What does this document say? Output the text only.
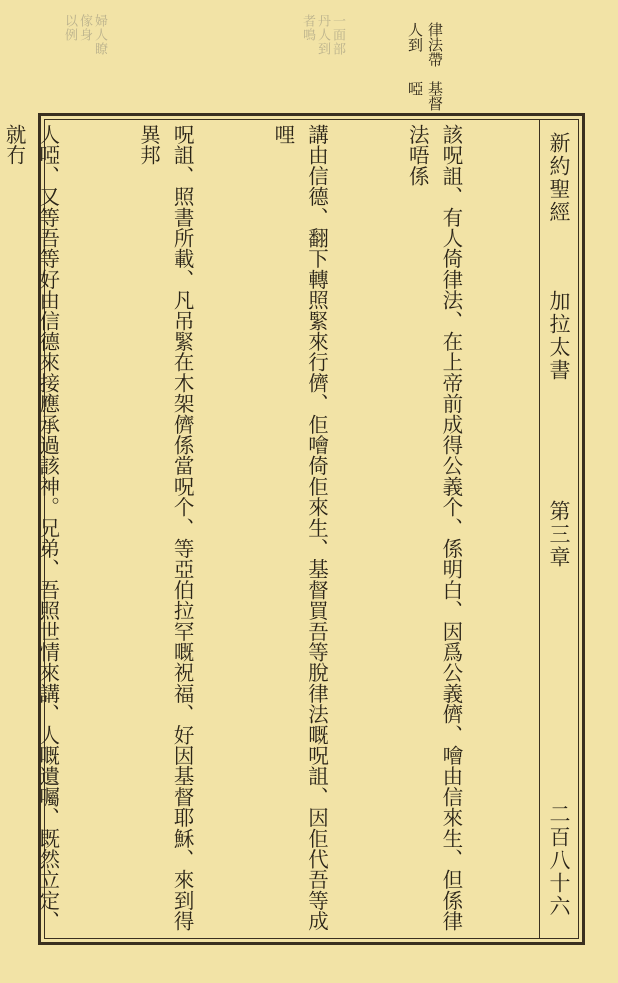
婦人瞭
傢身
以例	一面部
丹人到
者鳴	律法帶人到
基督啞
新約聖經
加拉太書
第三章
二百八十六

該呪詛、有人倚律法、在上帝前成得公義个、係明白、因爲公義儕、噲由信來生、但係律法唔係

講由信德、翻下轉照緊來行儕、佢噲倚佢來生、基督買吾等脫律法嘅呪詛、因佢代吾等成哩

呪詛、照書所載、凡吊緊在木架儕係當呪个、等亞伯拉罕嘅祝福、好因基督耶穌、來到得異邦

人啞、又等吾等好由信德來接應承過該神。兄弟、吾照世情來講、人嘅遺囑、既然立定、就冇
